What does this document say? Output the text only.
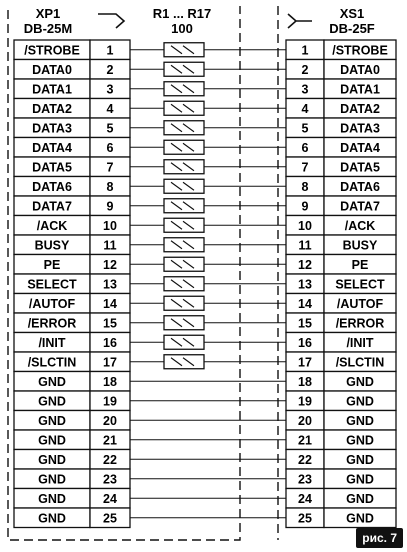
XP1
DB-25M
R1 ... R17
100
XS1
DB-25F
/STROBE 1	1 /STROBE
DATA0	2	2	DATA0
DATA1	3	3	DATA1
DATA2	4	4	DATA2
DATA3	5	5	DATA3
DATA4	6	6	DATA4
DATA5	7	7	DATA5
DATA6	8	8	DATA6
DATA7	9	9	DATA7
/ACK	10	10	/ACK
BUSY	11	11 BUSY
PE	12	12	PE
SELECT 13	13 SELECT
/AUTOF 14	14 /AUTOF
/ERROR 15	15 /ERROR
/INIT	16	16	/INIT
/SLCTIN 17	17 /SLCTIN
GND	18	18	GND
GND	19	19	GND
GND	20	20	GND
GND	21	21	GND
GND	22	22	GND
GND	23	23	GND
GND	24	24	GND
GND	25	25	GND
рис. 7
